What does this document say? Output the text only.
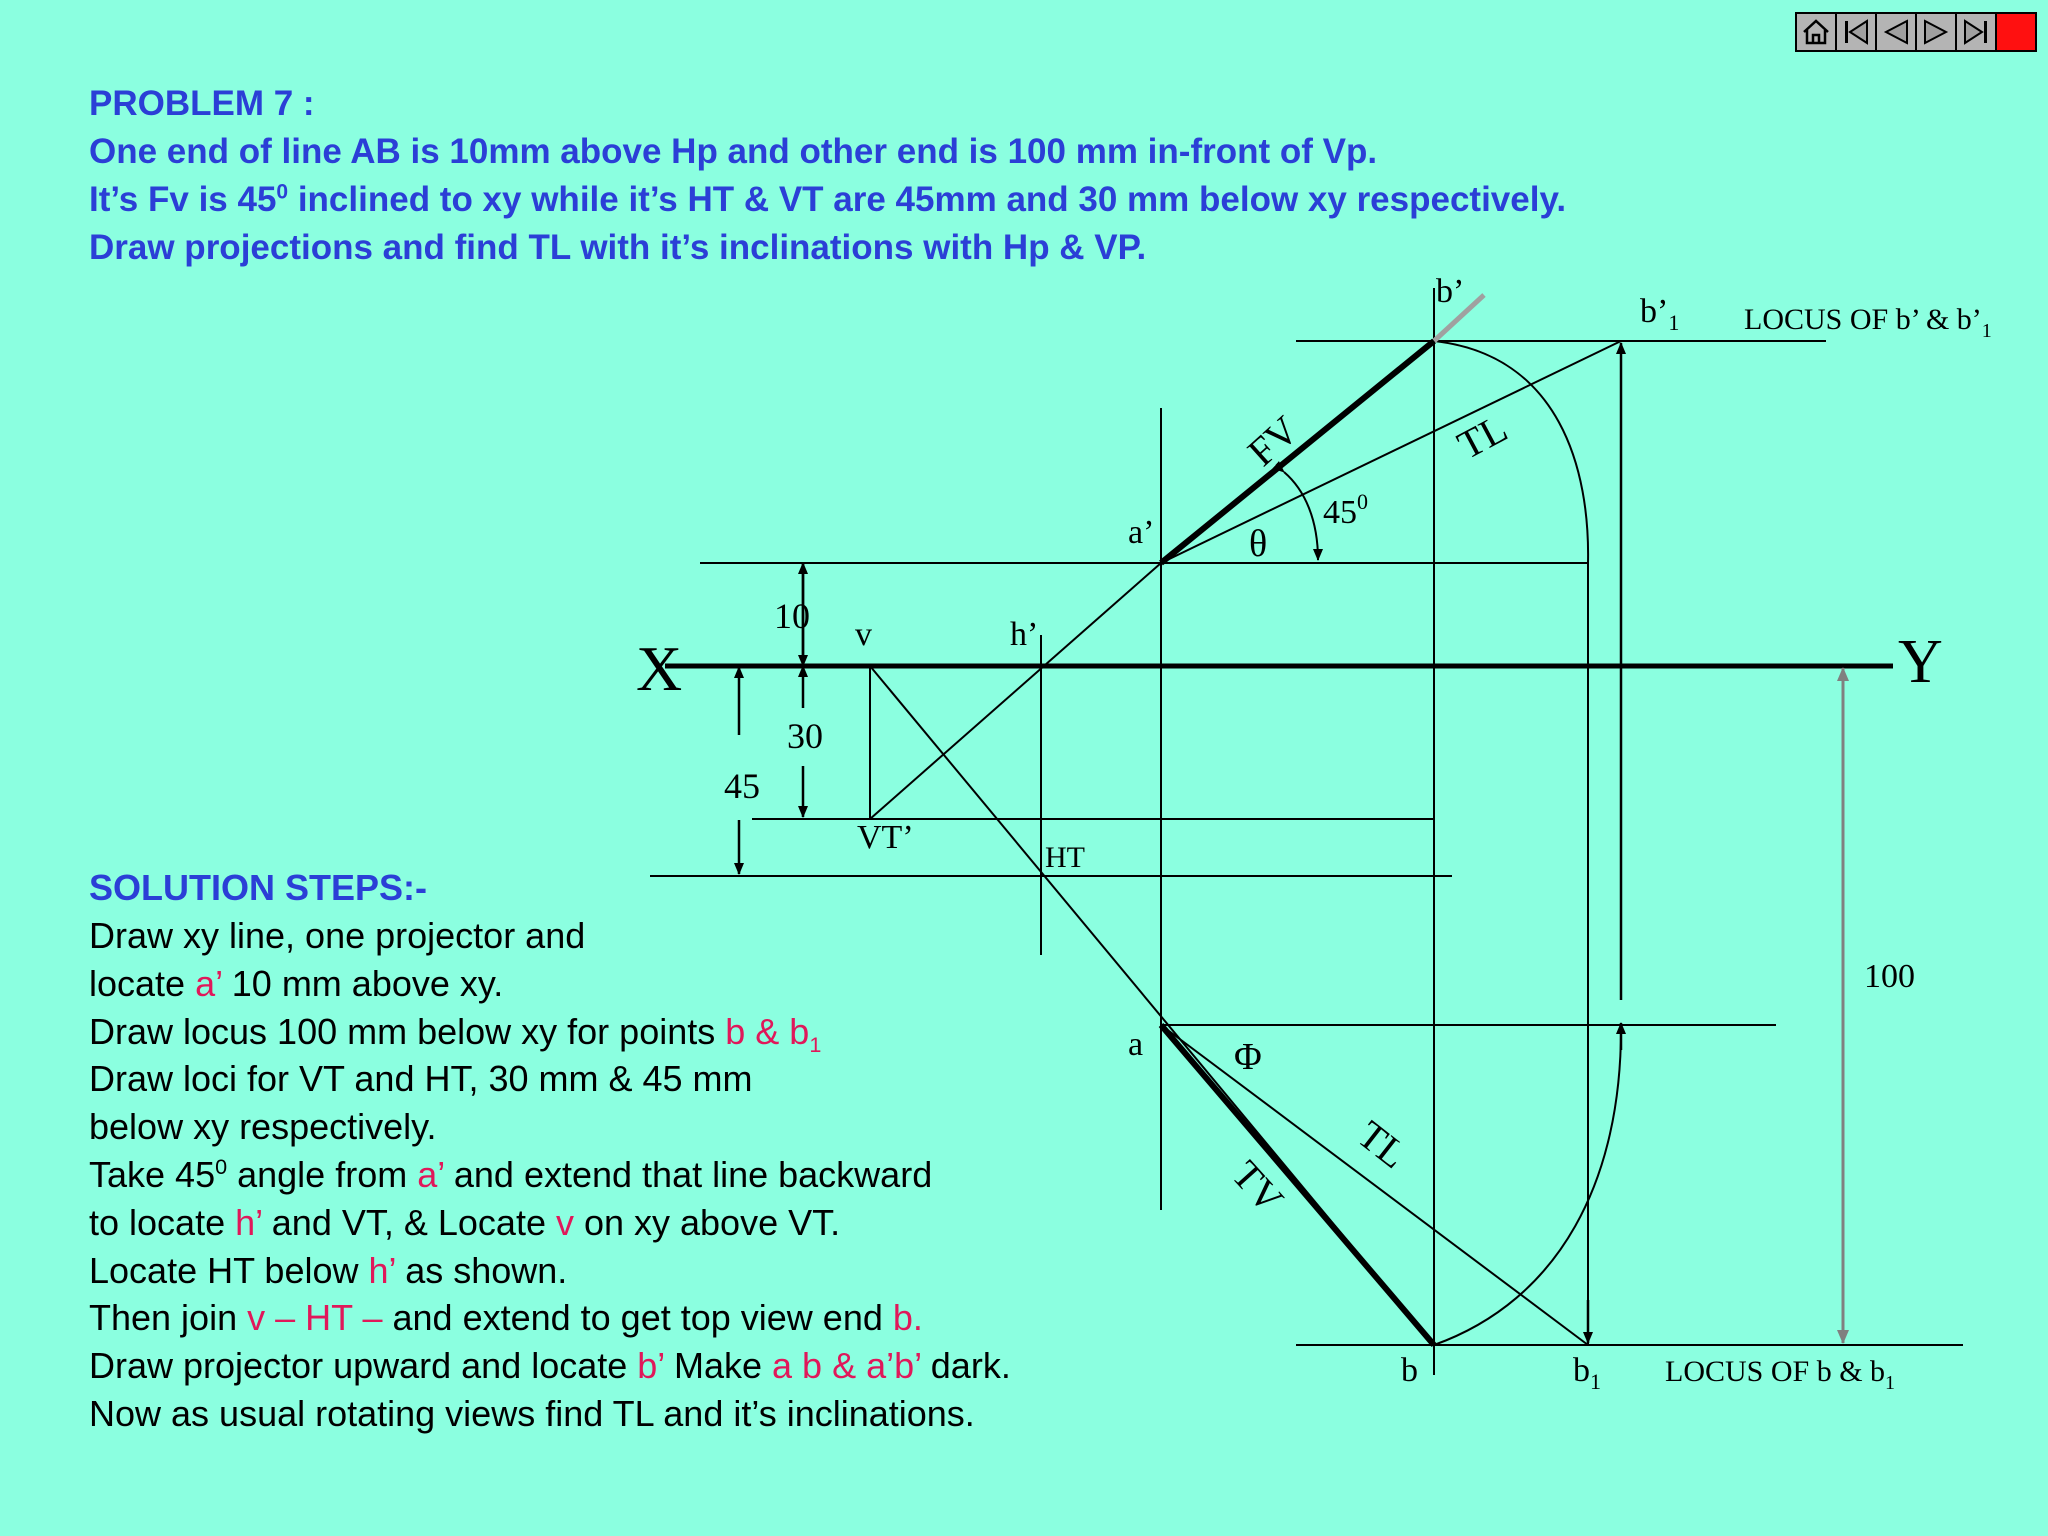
PROBLEM 7 :

One end of line AB is 10mm above Hp and other end is 100 mm in-front of Vp.

It’s Fv is $45^0$ inclined to xy while it’s HT & VT are 45mm and 30 mm below xy respectively.

Draw projections and find TL with it’s inclinations with Hp & VP.

SOLUTION STEPS:-
Draw xy line, one projector and
locate a’ 10 mm above xy.
Draw locus 100 mm below xy for points b & $b_1$
Draw loci for VT and HT, 30 mm & 45 mm
below xy respectively.
Take $45^0$ angle from a’ and extend that line backward
to locate h’ and VT, & Locate v on xy above VT.
Locate HT below h’ as shown.
Then join v – HT – and extend to get top view end b.
Draw projector upward and locate b’ Make a b & a’b’ dark.
Now as usual rotating views find TL and it’s inclinations.
X	Y
b’
$b’_1$ LOCUS OF b’ & $b’_1$
FV	TL
$45^0$
θ
a’
10 v	h’
30
45
VT’
HT
100
a Φ
TL
TV
b	$b_1$ LOCUS OF b & $b_1$
